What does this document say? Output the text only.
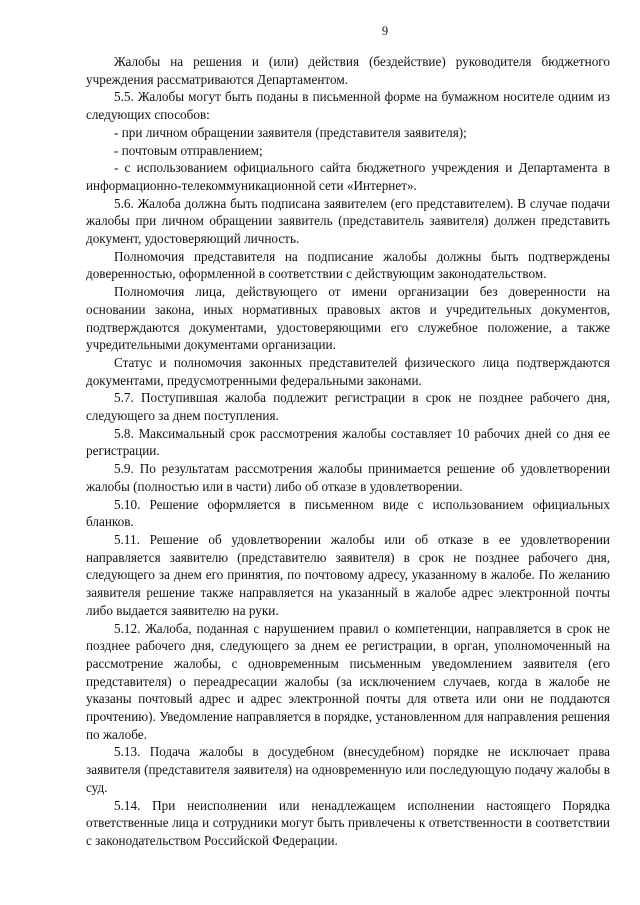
9

Жалобы на решения и (или) действия (бездействие) руководителя бюджетного учреждения рассматриваются Департаментом.

5.5. Жалобы могут быть поданы в письменной форме на бумажном носителе одним из следующих способов:

- при личном обращении заявителя (представителя заявителя);

- почтовым отправлением;

- с использованием официального сайта бюджетного учреждения и Департамента в информационно-телекоммуникационной сети «Интернет».

5.6. Жалоба должна быть подписана заявителем (его представителем). В случае подачи жалобы при личном обращении заявитель (представитель заявителя) должен представить документ, удостоверяющий личность.

Полномочия представителя на подписание жалобы должны быть подтверждены доверенностью, оформленной в соответствии с действующим законодательством.

Полномочия лица, действующего от имени организации без доверенности на основании закона, иных нормативных правовых актов и учредительных документов, подтверждаются документами, удостоверяющими его служебное положение, а также учредительными документами организации.

Статус и полномочия законных представителей физического лица подтверждаются документами, предусмотренными федеральными законами.

5.7. Поступившая жалоба подлежит регистрации в срок не позднее рабочего дня, следующего за днем поступления.

5.8. Максимальный срок рассмотрения жалобы составляет 10 рабочих дней со дня ее регистрации.

5.9. По результатам рассмотрения жалобы принимается решение об удовлетворении жалобы (полностью или в части) либо об отказе в удовлетворении.

5.10. Решение оформляется в письменном виде с использованием официальных бланков.

5.11. Решение об удовлетворении жалобы или об отказе в ее удовлетворении направляется заявителю (представителю заявителя) в срок не позднее рабочего дня, следующего за днем его принятия, по почтовому адресу, указанному в жалобе. По желанию заявителя решение также направляется на указанный в жалобе адрес электронной почты либо выдается заявителю на руки.

5.12. Жалоба, поданная с нарушением правил о компетенции, направляется в срок не позднее рабочего дня, следующего за днем ее регистрации, в орган, уполномоченный на рассмотрение жалобы, с одновременным письменным уведомлением заявителя (его представителя) о переадресации жалобы (за исключением случаев, когда в жалобе не указаны почтовый адрес и адрес электронной почты для ответа или они не поддаются прочтению). Уведомление направляется в порядке, установленном для направления решения по жалобе.

5.13. Подача жалобы в досудебном (внесудебном) порядке не исключает права заявителя (представителя заявителя) на одновременную или последующую подачу жалобы в суд.

5.14. При неисполнении или ненадлежащем исполнении настоящего Порядка ответственные лица и сотрудники могут быть привлечены к ответственности в соответствии с законодательством Российской Федерации.
